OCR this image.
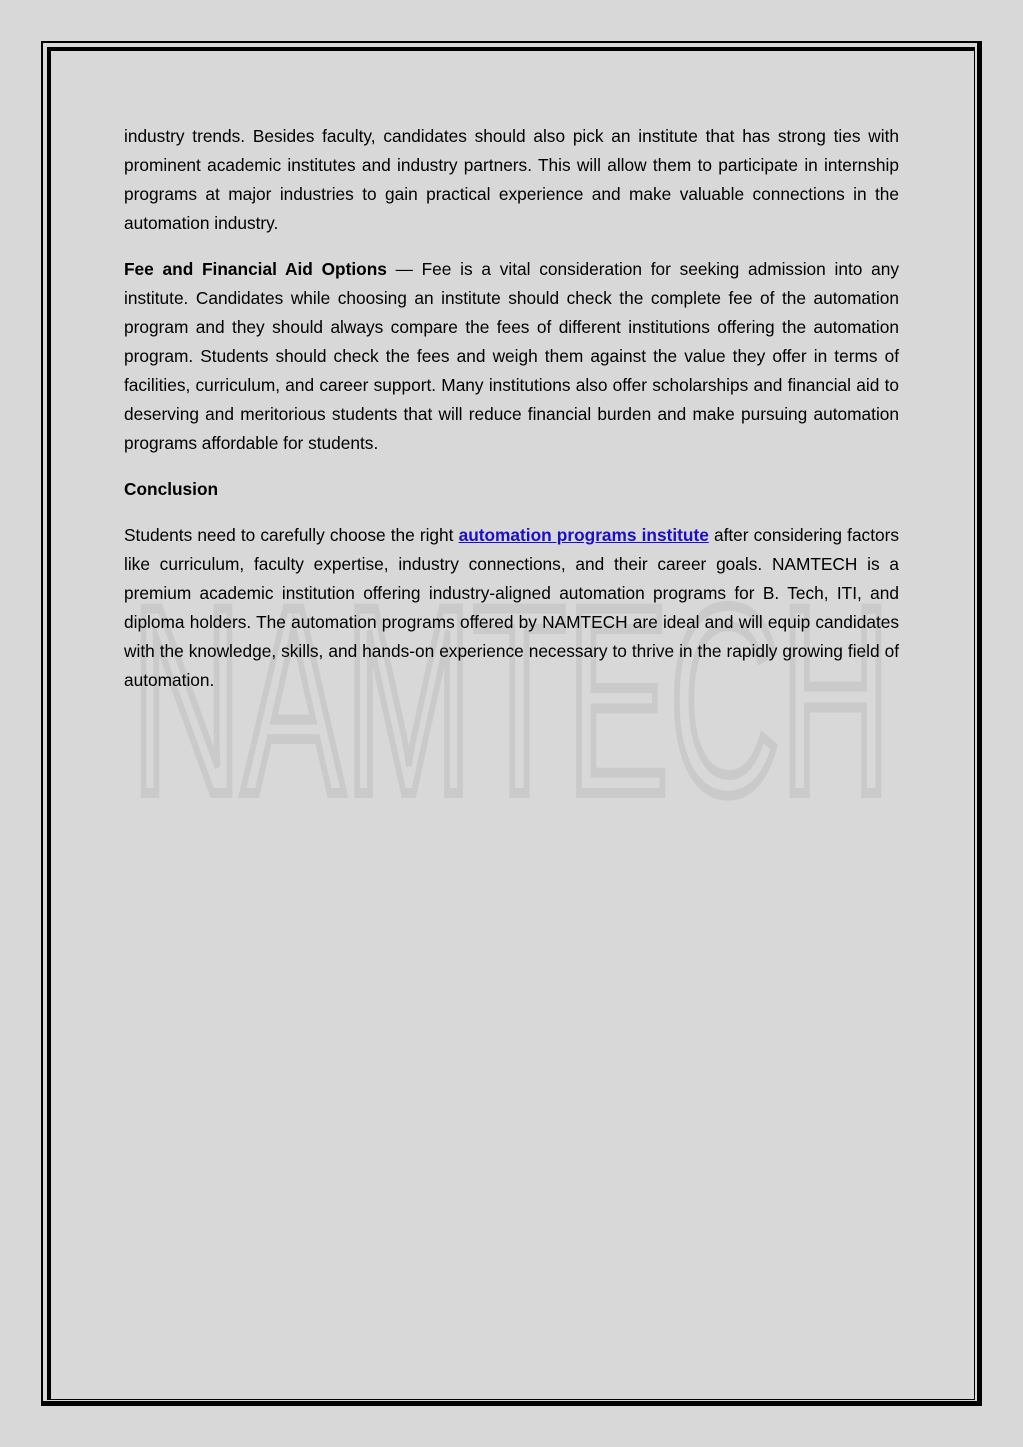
NAMTECH

industry trends. Besides faculty, candidates should also pick an institute that has strong ties with prominent academic institutes and industry partners. This will allow them to participate in internship programs at major industries to gain practical experience and make valuable connections in the automation industry.

Fee and Financial Aid Options — Fee is a vital consideration for seeking admission into any institute. Candidates while choosing an institute should check the complete fee of the automation program and they should always compare the fees of different institutions offering the automation program. Students should check the fees and weigh them against the value they offer in terms of facilities, curriculum, and career support. Many institutions also offer scholarships and financial aid to deserving and meritorious students that will reduce financial burden and make pursuing automation programs affordable for students.

Conclusion

Students need to carefully choose the right automation programs institute after considering factors like curriculum, faculty expertise, industry connections, and their career goals. NAMTECH is a premium academic institution offering industry-aligned automation programs for B. Tech, ITI, and diploma holders. The automation programs offered by NAMTECH are ideal and will equip candidates with the knowledge, skills, and hands-on experience necessary to thrive in the rapidly growing field of automation.
